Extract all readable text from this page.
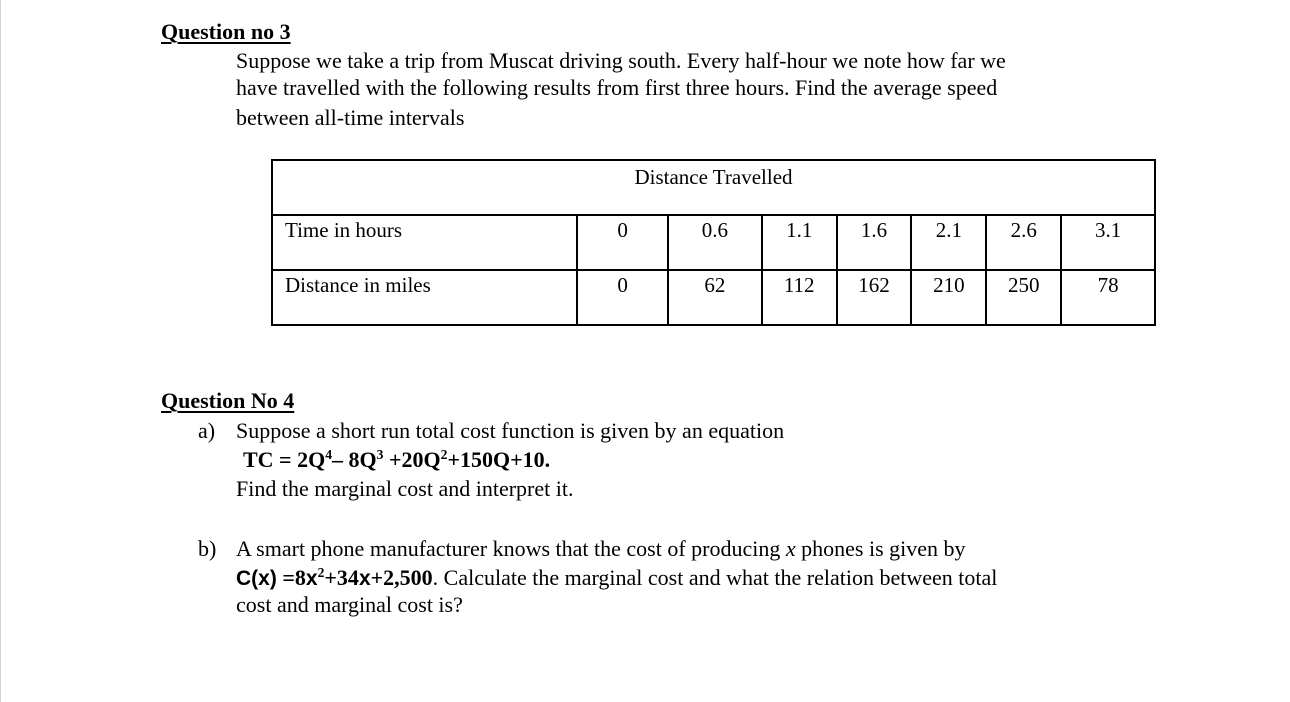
Question no 3
Suppose we take a trip from Muscat driving south. Every half-hour we note how far we
have travelled with the following results from first three hours. Find the average speed
between all-time intervals
Distance Travelled							
Time in hours	0	0.6	1.1	1.6	2.1	2.6	3.1
Distance in miles	0	62	112	162	210	250	78
Question No 4
a) Suppose a short run total cost function is given by an equation
TC = $2Q^4-$ $8Q^3 +20Q^2+150Q+10$.
Find the marginal cost and interpret it.
b) A smart phone manufacturer knows that the cost of producing x phones is given by
$C(x) =8x^2+34x+2,500$. Calculate the marginal cost and what the relation between total
cost and marginal cost is?
